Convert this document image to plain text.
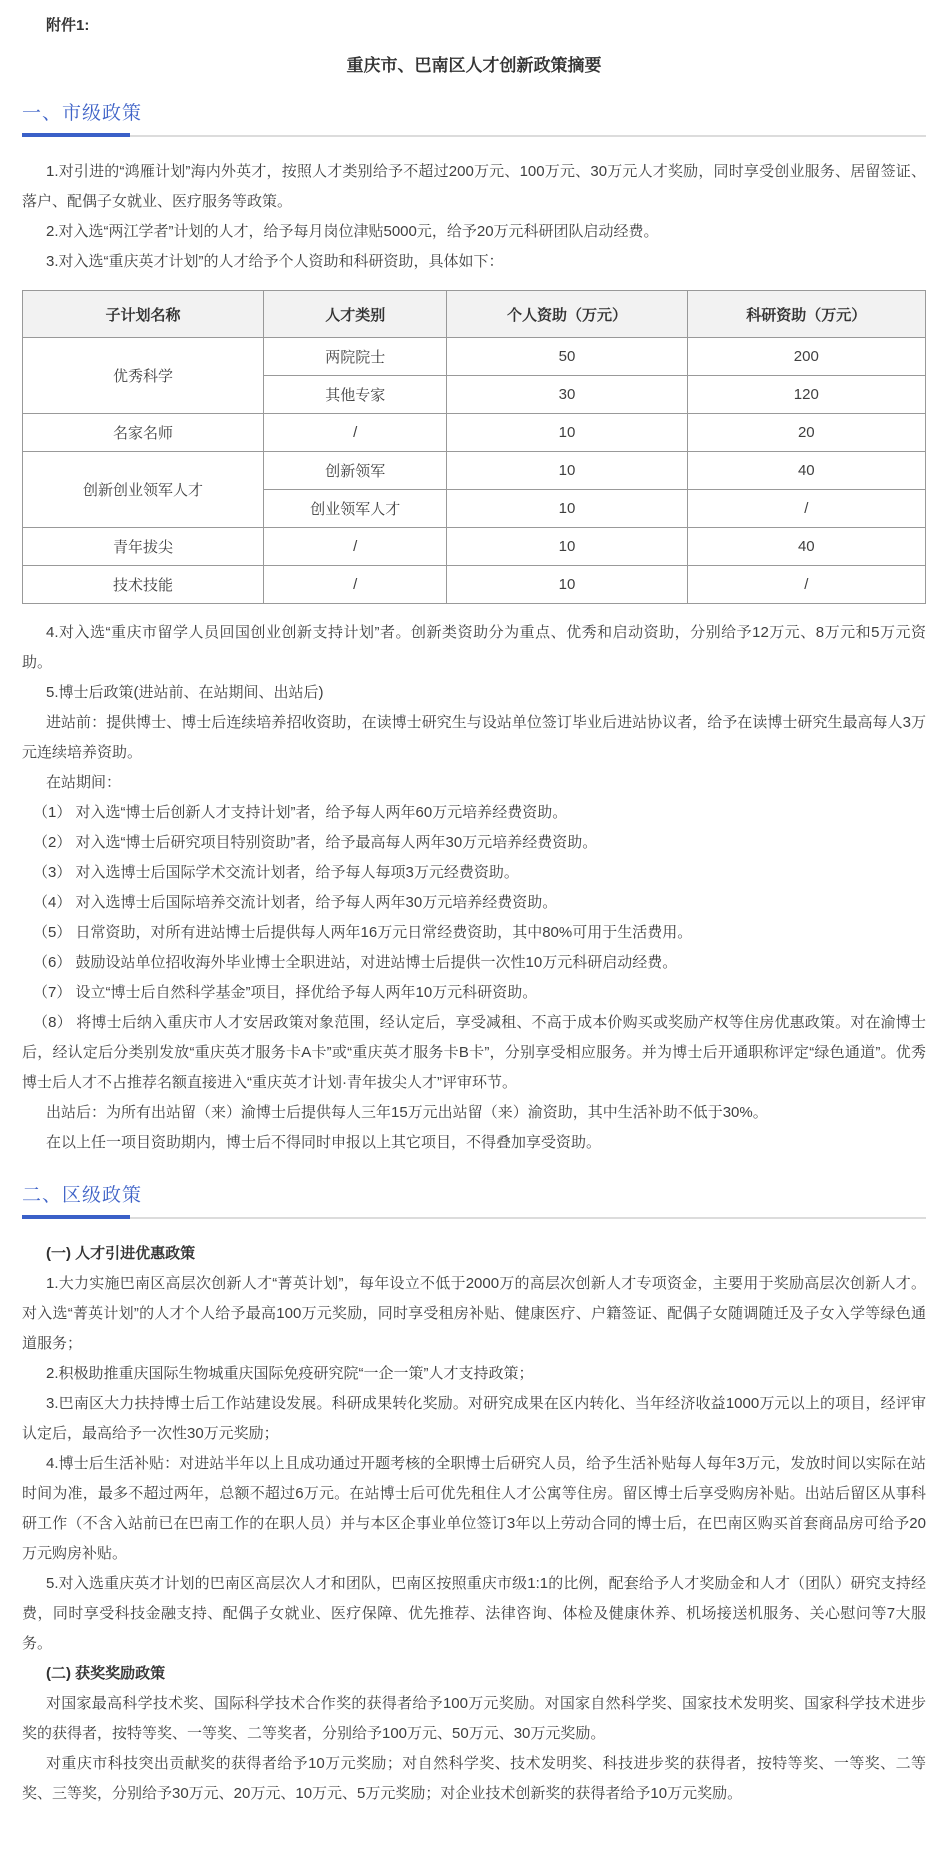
附件1:

重庆市、巴南区人才创新政策摘要
一、市级政策

1.对引进的“鸿雁计划”海内外英才，按照人才类别给予不超过200万元、100万元、30万元人才奖励，同时享受创业服务、居留签证、落户、配偶子女就业、医疗服务等政策。

2.对入选“两江学者”计划的人才，给予每月岗位津贴5000元，给予20万元科研团队启动经费。

3.对入选“重庆英才计划”的人才给予个人资助和科研资助，具体如下：

子计划名称	人才类别	个人资助（万元）	科研资助（万元）
优秀科学	两院院士	50	200
	其他专家	30	120
名家名师	/	10	20
创新创业领军人才	创新领军	10	40
	创业领军人才	10	/
青年拔尖	/	10	40
技术技能	/	10	/

4.对入选“重庆市留学人员回国创业创新支持计划”者。创新类资助分为重点、优秀和启动资助，分别给予12万元、8万元和5万元资助。

5.博士后政策(进站前、在站期间、出站后)

进站前：提供博士、博士后连续培养招收资助，在读博士研究生与设站单位签订毕业后进站协议者，给予在读博士研究生最高每人3万元连续培养资助。

在站期间：

（1） 对入选“博士后创新人才支持计划”者，给予每人两年60万元培养经费资助。

（2） 对入选“博士后研究项目特别资助”者，给予最高每人两年30万元培养经费资助。

（3） 对入选博士后国际学术交流计划者，给予每人每项3万元经费资助。

（4） 对入选博士后国际培养交流计划者，给予每人两年30万元培养经费资助。

（5） 日常资助，对所有进站博士后提供每人两年16万元日常经费资助，其中80%可用于生活费用。

（6） 鼓励设站单位招收海外毕业博士全职进站，对进站博士后提供一次性10万元科研启动经费。

（7） 设立“博士后自然科学基金”项目，择优给予每人两年10万元科研资助。

（8） 将博士后纳入重庆市人才安居政策对象范围，经认定后，享受减租、不高于成本价购买或奖励产权等住房优惠政策。对在渝博士后，经认定后分类别发放“重庆英才服务卡A卡”或“重庆英才服务卡B卡”，分别享受相应服务。并为博士后开通职称评定“绿色通道”。优秀博士后人才不占推荐名额直接进入“重庆英才计划·青年拔尖人才”评审环节。

出站后：为所有出站留（来）渝博士后提供每人三年15万元出站留（来）渝资助，其中生活补助不低于30%。

在以上任一项目资助期内，博士后不得同时申报以上其它项目，不得叠加享受资助。

二、区级政策

(一) 人才引进优惠政策

1.大力实施巴南区高层次创新人才“菁英计划”，每年设立不低于2000万的高层次创新人才专项资金，主要用于奖励高层次创新人才。对入选“菁英计划”的人才个人给予最高100万元奖励，同时享受租房补贴、健康医疗、户籍签证、配偶子女随调随迁及子女入学等绿色通道服务；

2.积极助推重庆国际生物城重庆国际免疫研究院“一企一策”人才支持政策；

3.巴南区大力扶持博士后工作站建设发展。科研成果转化奖励。对研究成果在区内转化、当年经济收益1000万元以上的项目，经评审认定后，最高给予一次性30万元奖励；

4.博士后生活补贴：对进站半年以上且成功通过开题考核的全职博士后研究人员，给予生活补贴每人每年3万元，发放时间以实际在站时间为准，最多不超过两年，总额不超过6万元。在站博士后可优先租住人才公寓等住房。留区博士后享受购房补贴。出站后留区从事科研工作（不含入站前已在巴南工作的在职人员）并与本区企事业单位签订3年以上劳动合同的博士后，在巴南区购买首套商品房可给予20万元购房补贴。

5.对入选重庆英才计划的巴南区高层次人才和团队，巴南区按照重庆市级1:1的比例，配套给予人才奖励金和人才（团队）研究支持经费，同时享受科技金融支持、配偶子女就业、医疗保障、优先推荐、法律咨询、体检及健康休养、机场接送机服务、关心慰问等7大服务。

(二) 获奖奖励政策

对国家最高科学技术奖、国际科学技术合作奖的获得者给予100万元奖励。对国家自然科学奖、国家技术发明奖、国家科学技术进步奖的获得者，按特等奖、一等奖、二等奖者，分别给予100万元、50万元、30万元奖励。

对重庆市科技突出贡献奖的获得者给予10万元奖励；对自然科学奖、技术发明奖、科技进步奖的获得者，按特等奖、一等奖、二等奖、三等奖，分别给予30万元、20万元、10万元、5万元奖励；对企业技术创新奖的获得者给予10万元奖励。
